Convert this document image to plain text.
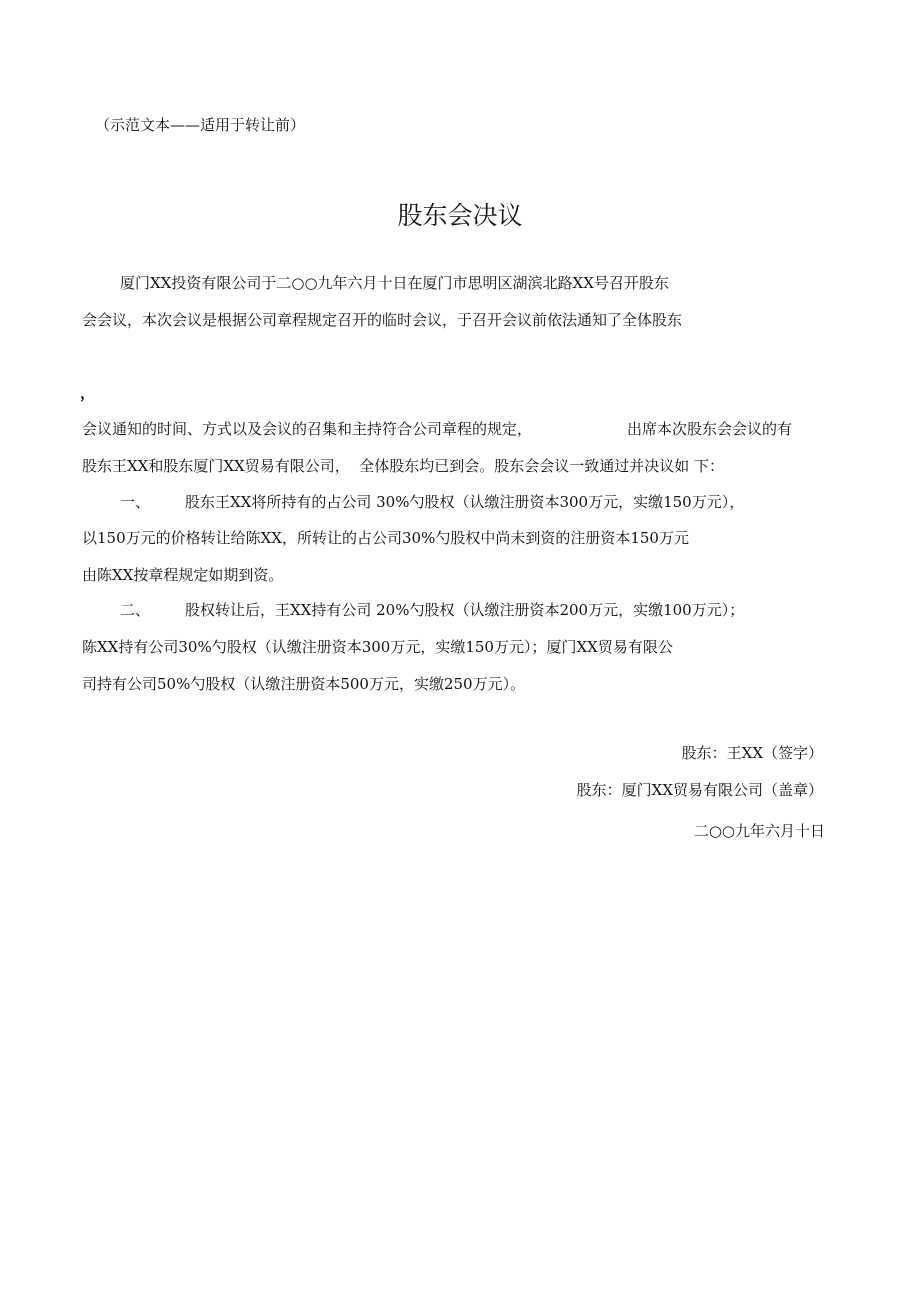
（示范文本——适用于转让前）
股东会决议
厦门XX投资有限公司于二○○九年六月十日在厦门市思明区湖滨北路XX号召开股东
会会议，本次会议是根据公司章程规定召开的临时会议，于召开会议前依法通知了全体股东
，
会议通知的时间、方式以及会议的召集和主持符合公司章程的规定，	出席本次股东会会议的有
股东王XX和股东厦门XX贸易有限公司，  全体股东均已到会。股东会会议一致通过并决议如 下：
一、 股东王XX将所持有的占公司 30%勺股权（认缴注册资本300万元，实缴150万元），
以150万元的价格转让给陈XX，所转让的占公司30%勺股权中尚未到资的注册资本150万元
由陈XX按章程规定如期到资。
二、 股权转让后，王XX持有公司 20%勺股权（认缴注册资本200万元，实缴100万元）；
陈XX持有公司30%勺股权（认缴注册资本300万元，实缴150万元）；厦门XX贸易有限公
司持有公司50%勺股权（认缴注册资本500万元，实缴250万元）。
股东：王XX（签字）
股东：厦门XX贸易有限公司（盖章）
二○○九年六月十日
